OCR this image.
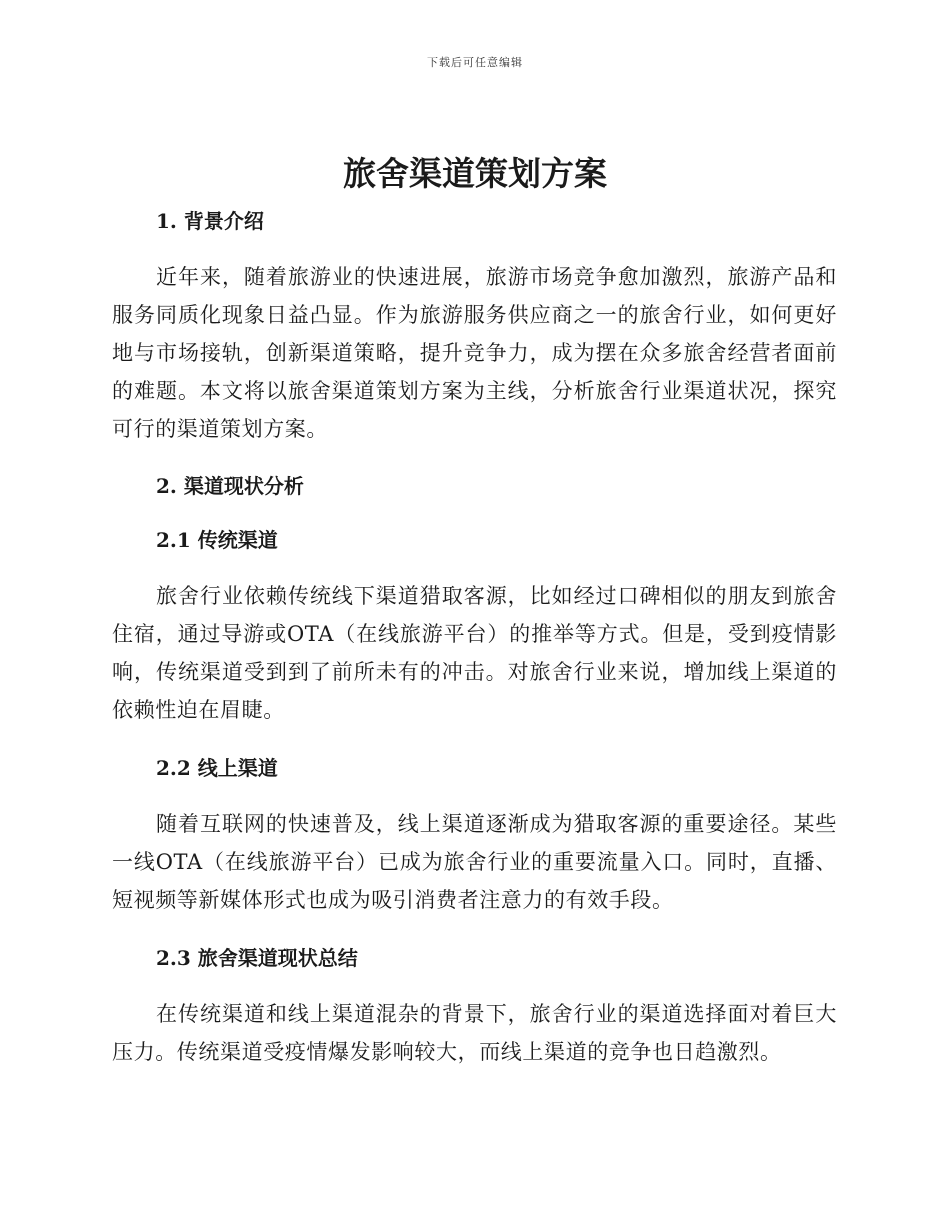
下载后可任意编辑
旅舍渠道策划方案
1. 背景介绍

近年来，随着旅游业的快速进展，旅游市场竞争愈加激烈，旅游产品和服务同质化现象日益凸显。作为旅游服务供应商之一的旅舍行业，如何更好地与市场接轨，创新渠道策略，提升竞争力，成为摆在众多旅舍经营者面前的难题。本文将以旅舍渠道策划方案为主线，分析旅舍行业渠道状况，探究可行的渠道策划方案。

2. 渠道现状分析
2.1 传统渠道

旅舍行业依赖传统线下渠道猎取客源，比如经过口碑相似的朋友到旅舍住宿，通过导游或OTA（在线旅游平台）的推举等方式。但是，受到疫情影响，传统渠道受到到了前所未有的冲击。对旅舍行业来说，增加线上渠道的依赖性迫在眉睫。

2.2 线上渠道

随着互联网的快速普及，线上渠道逐渐成为猎取客源的重要途径。某些一线OTA（在线旅游平台）已成为旅舍行业的重要流量入口。同时，直播、短视频等新媒体形式也成为吸引消费者注意力的有效手段。

2.3 旅舍渠道现状总结

在传统渠道和线上渠道混杂的背景下，旅舍行业的渠道选择面对着巨大压力。传统渠道受疫情爆发影响较大，而线上渠道的竞争也日趋激烈。
